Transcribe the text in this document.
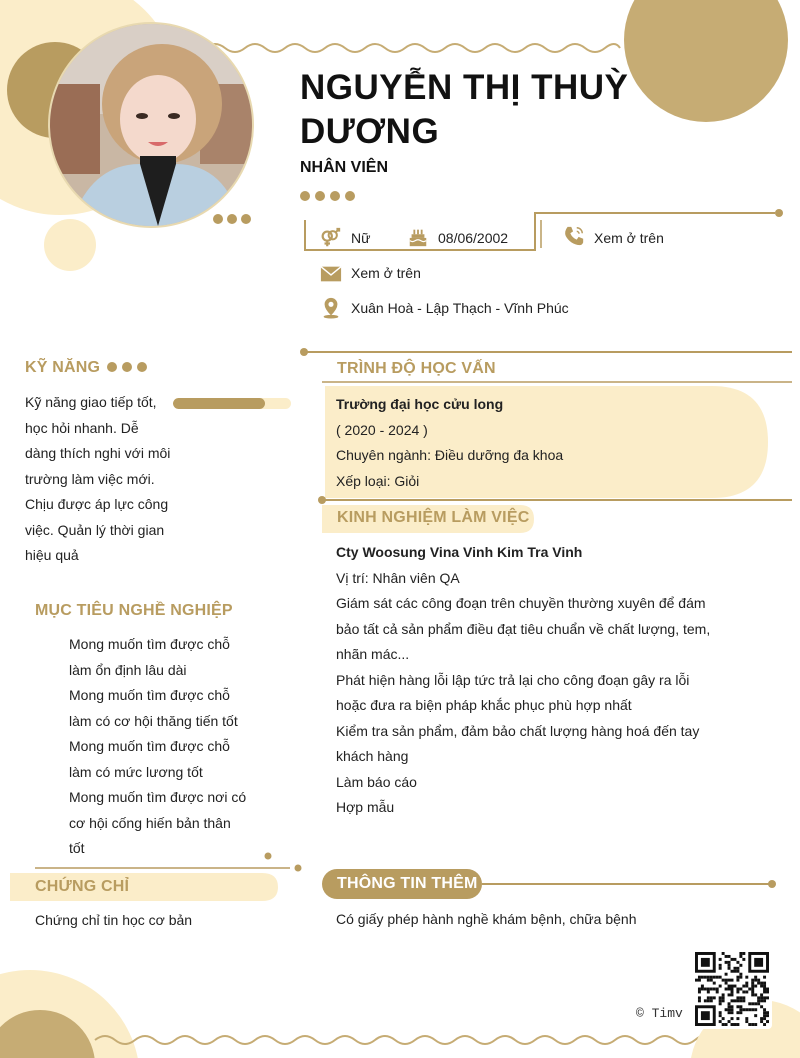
NGUYỄN THỊ THUỲ
DƯƠNG
NHÂN VIÊN
Nữ	08/06/2002	Xem ở trên
Xem ở trên
Xuân Hoà - Lập Thạch - Vĩnh Phúc
KỸ NĂNG
Kỹ năng giao tiếp tốt, học hỏi nhanh. Dễ dàng thích nghi với môi trường làm việc mới. Chịu được áp lực công việc. Quản lý thời gian hiệu quả
MỤC TIÊU NGHỀ NGHIỆP
Mong muốn tìm được chỗ làm ổn định lâu dài
Mong muốn tìm được chỗ làm có cơ hội thăng tiến tốt
Mong muốn tìm được chỗ làm có mức lương tốt
Mong muốn tìm được nơi có cơ hội cống hiến bản thân tốt
CHỨNG CHỈ
Chứng chỉ tin học cơ bản
TRÌNH ĐỘ HỌC VẤN
Trường đại học cửu long
( 2020 - 2024 )
Chuyên ngành: Điều dưỡng đa khoa
Xếp loại: Giỏi
KINH NGHIỆM LÀM VIỆC
Cty Woosung Vina Vinh Kim Tra Vinh
Vị trí: Nhân viên QA
Giám sát các công đoạn trên chuyền thường xuyên để đám bảo tất cả sản phẩm điều đạt tiêu chuẩn về chất lượng, tem, nhãn mác...
Phát hiện hàng lỗi lập tức trả lại cho công đoạn gây ra lỗi hoặc đưa ra biện pháp khắc phục phù hợp nhất
Kiểm tra sản phẩm, đảm bảo chất lượng hàng hoá đến tay khách hàng
Làm báo cáo
Hợp mẫu
THÔNG TIN THÊM
Có giấy phép hành nghề khám bệnh, chữa bệnh
© Timv
